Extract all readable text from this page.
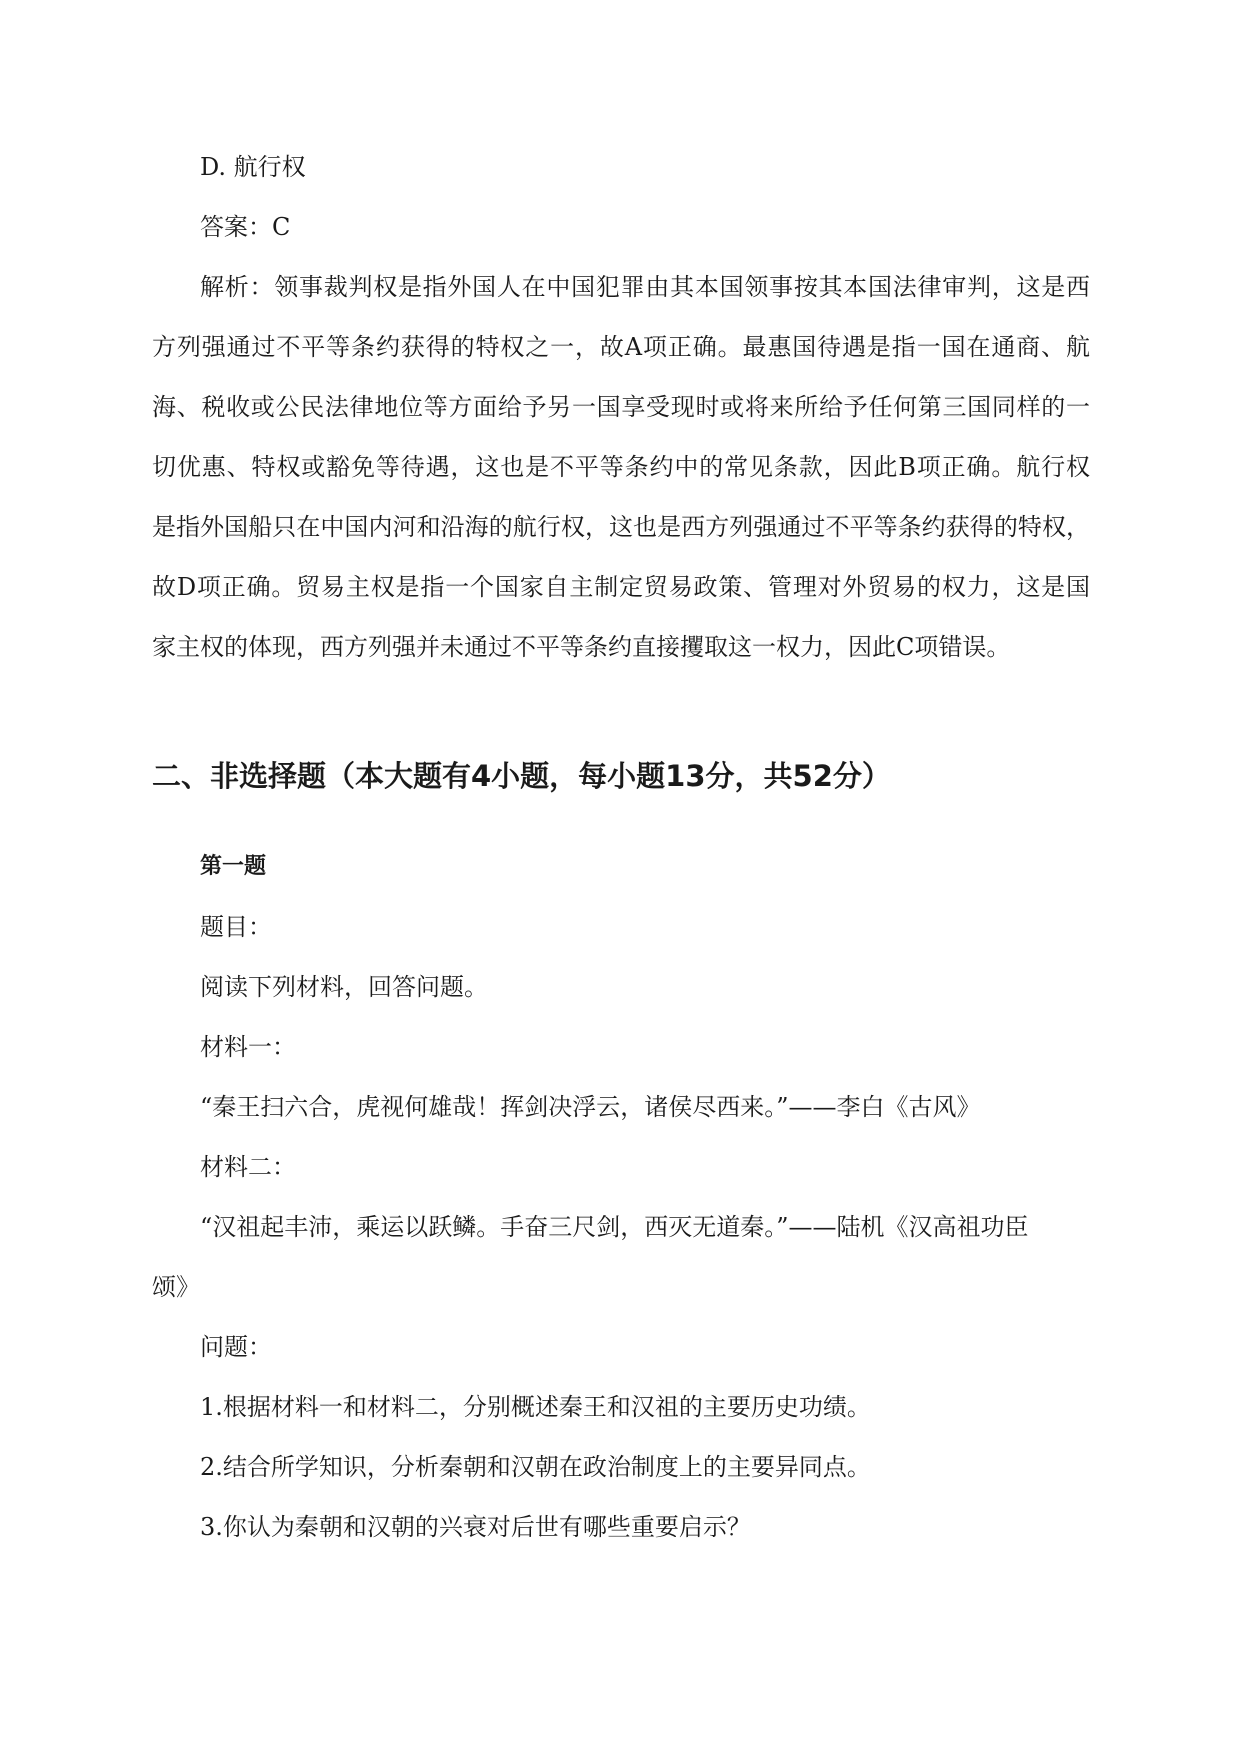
D. 航行权
答案：C
解析：领事裁判权是指外国人在中国犯罪由其本国领事按其本国法律审判，这是西
方列强通过不平等条约获得的特权之一，故A项正确。最惠国待遇是指一国在通商、航
海、税收或公民法律地位等方面给予另一国享受现时或将来所给予任何第三国同样的一
切优惠、特权或豁免等待遇，这也是不平等条约中的常见条款，因此B项正确。航行权
是指外国船只在中国内河和沿海的航行权，这也是西方列强通过不平等条约获得的特权，
故D项正确。贸易主权是指一个国家自主制定贸易政策、管理对外贸易的权力，这是国
家主权的体现，西方列强并未通过不平等条约直接攫取这一权力，因此C项错误。
二、非选择题（本大题有4小题，每小题13分，共52分）
第一题
题目：
阅读下列材料，回答问题。
材料一：
“秦王扫六合，虎视何雄哉！挥剑决浮云，诸侯尽西来。”——李白《古风》
材料二：
“汉祖起丰沛，乘运以跃鳞。手奋三尺剑，西灭无道秦。”——陆机《汉高祖功臣
颂》
问题：
1.根据材料一和材料二，分别概述秦王和汉祖的主要历史功绩。
2.结合所学知识，分析秦朝和汉朝在政治制度上的主要异同点。
3.你认为秦朝和汉朝的兴衰对后世有哪些重要启示？
